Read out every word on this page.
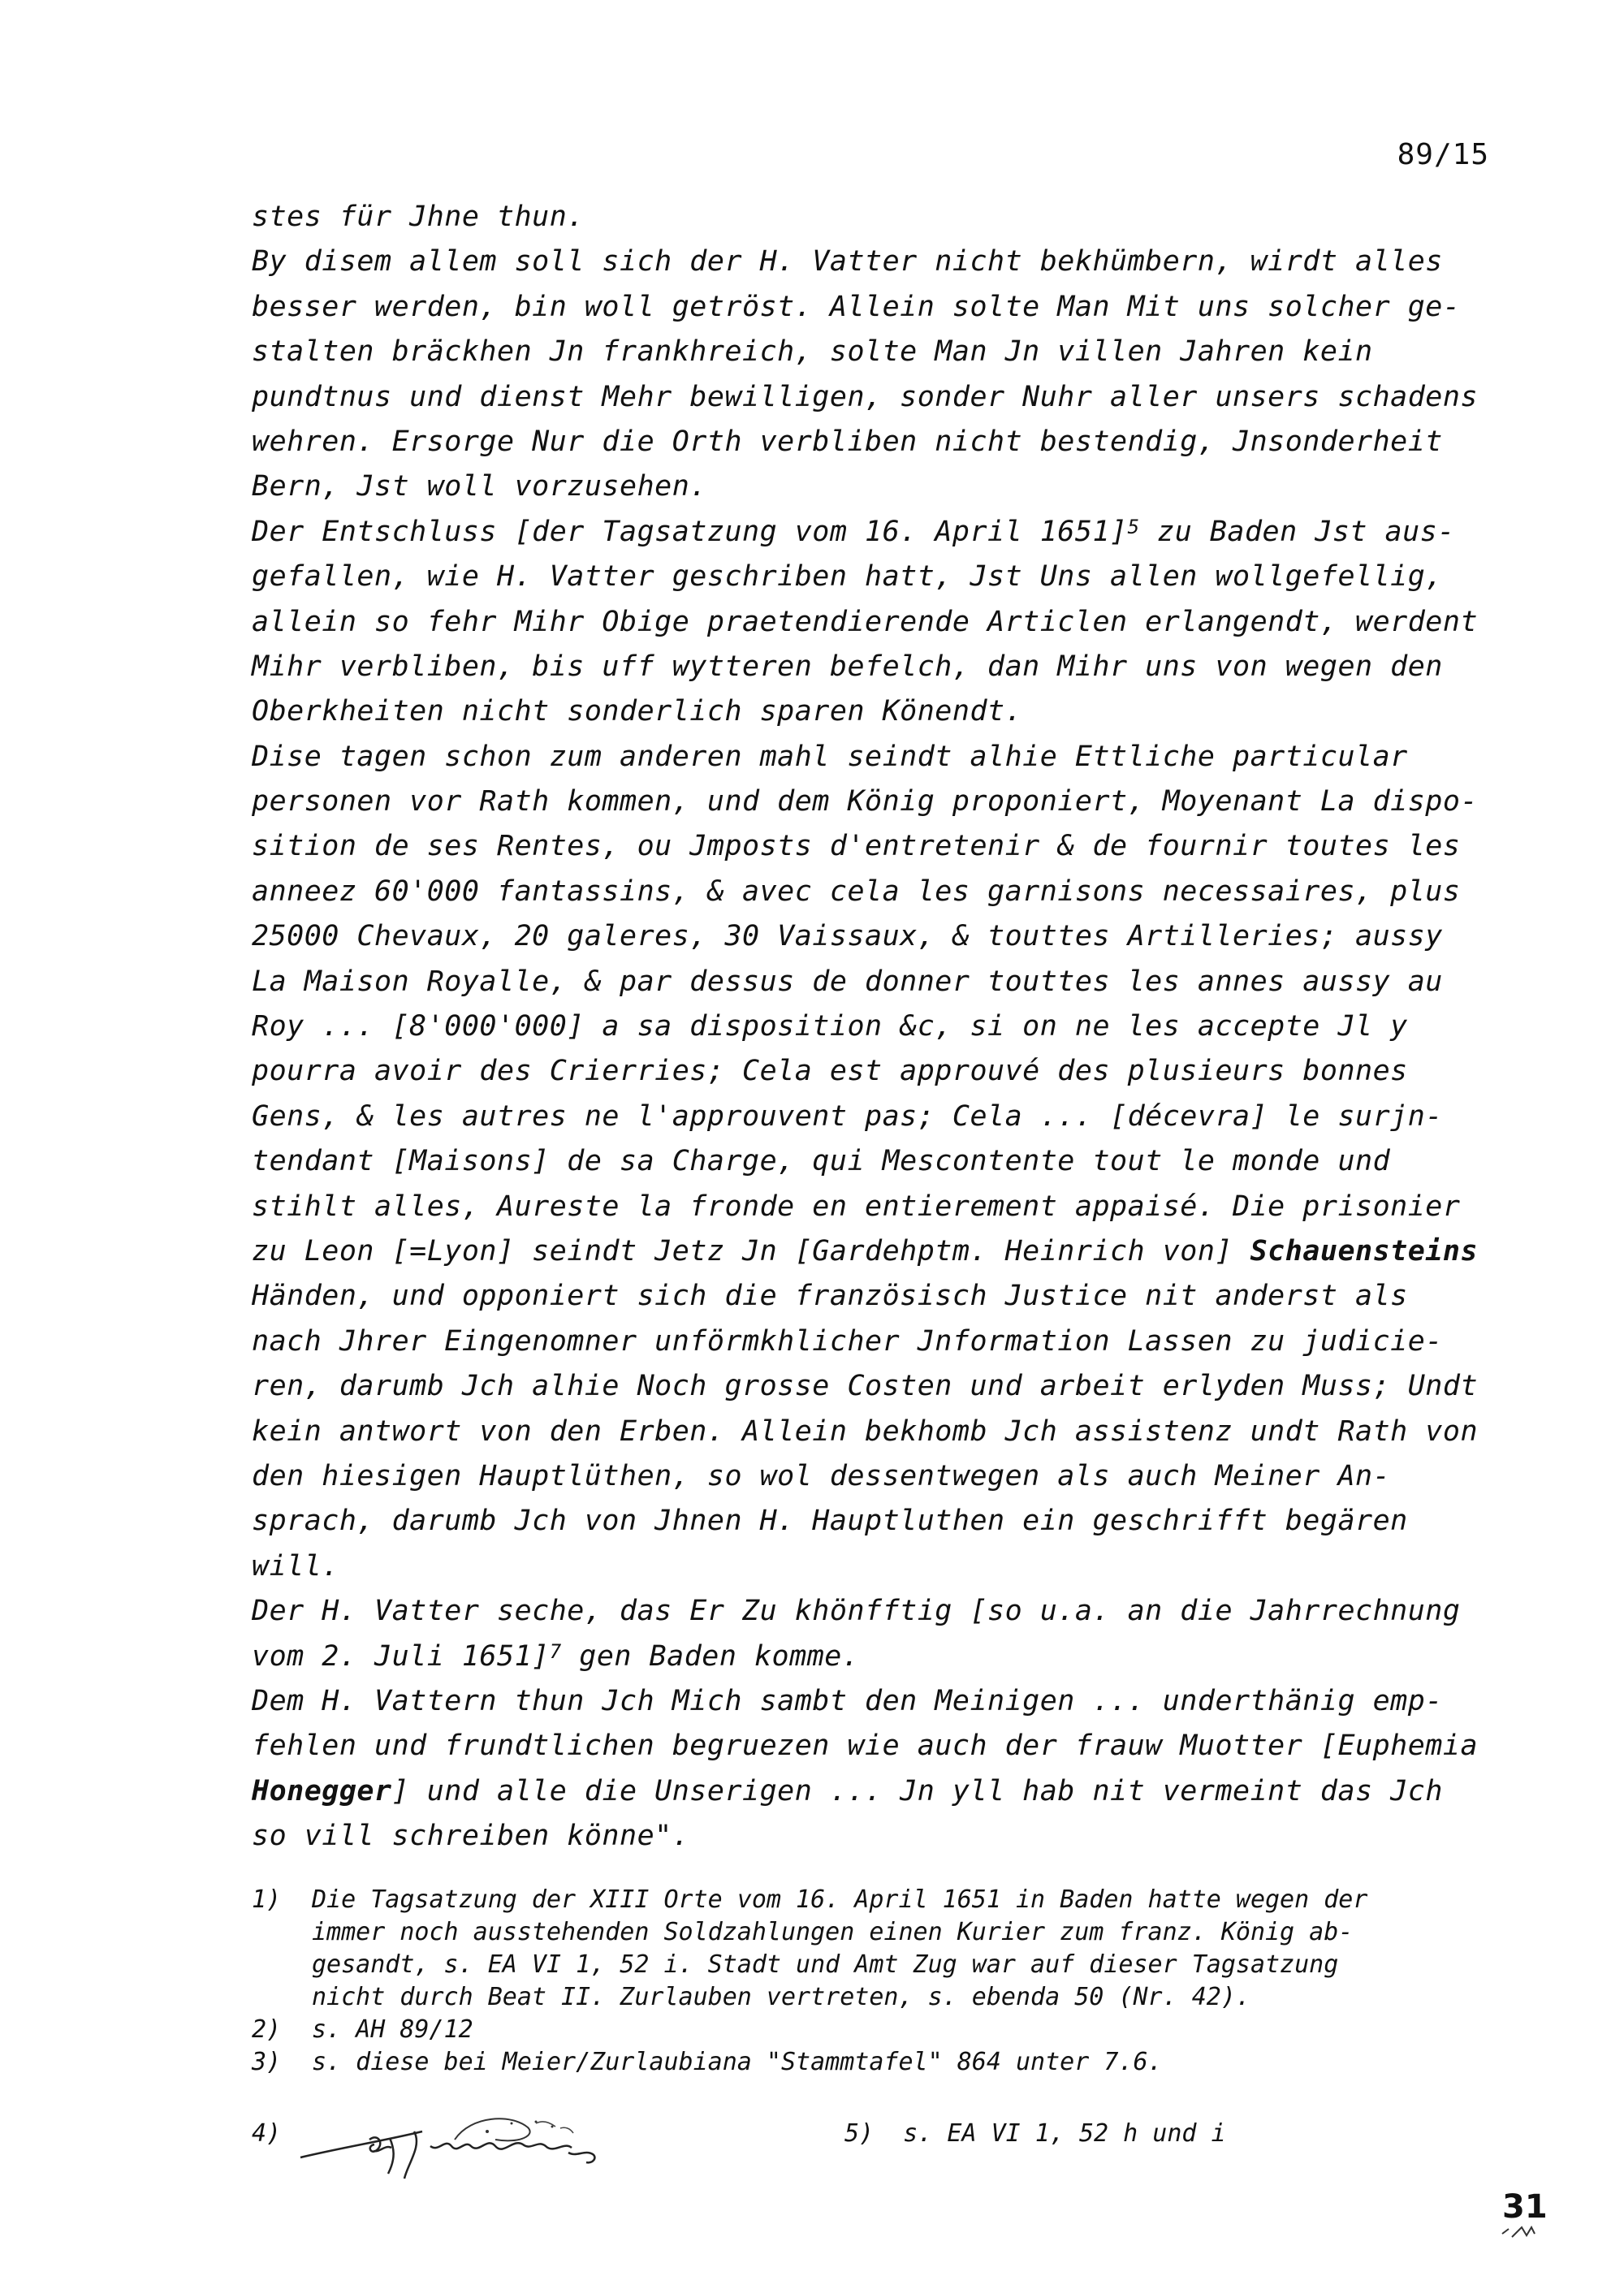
89/15
stes für Jhne thun.
By disem allem soll sich der H. Vatter nicht bekhümbern, wirdt alles
besser werden, bin woll getröst. Allein solte Man Mit uns solcher ge-
stalten bräckhen Jn frankhreich, solte Man Jn villen Jahren kein
pundtnus und dienst Mehr bewilligen, sonder Nuhr aller unsers schadens
wehren. Ersorge Nur die Orth verbliben nicht bestendig, Jnsonderheit
Bern, Jst woll vorzusehen.
Der Entschluss [der Tagsatzung vom 16. April 1651]$^5$ zu Baden Jst aus-
gefallen, wie H. Vatter geschriben hatt, Jst Uns allen wollgefellig,
allein so fehr Mihr Obige praetendierende Articlen erlangendt, werdent
Mihr verbliben, bis uff wytteren befelch, dan Mihr uns von wegen den
Oberkheiten nicht sonderlich sparen Könendt.
Dise tagen schon zum anderen mahl seindt alhie Ettliche particular
personen vor Rath kommen, und dem König proponiert, Moyenant La dispo-
sition de ses Rentes, ou Jmposts d'entretenir & de fournir toutes les
anneez 60'000 fantassins, & avec cela les garnisons necessaires, plus
25000 Chevaux, 20 galeres, 30 Vaissaux, & touttes Artilleries; aussy
La Maison Royalle, & par dessus de donner touttes les annes aussy au
Roy ... [8'000'000] a sa disposition &c, si on ne les accepte Jl y
pourra avoir des Crierries; Cela est approuvé des plusieurs bonnes
Gens, & les autres ne l'approuvent pas; Cela ... [décevra] le surjn-
tendant [Maisons] de sa Charge, qui Mescontente tout le monde und
stihlt alles, Aureste la fronde en entierement appaisé. Die prisonier
zu Leon [=Lyon] seindt Jetz Jn [Gardehptm. Heinrich von] Schauensteins
Händen, und opponiert sich die französisch Justice nit anderst als
nach Jhrer Eingenomner unförmkhlicher Jnformation Lassen zu judicie-
ren, darumb Jch alhie Noch grosse Costen und arbeit erlyden Muss; Undt
kein antwort von den Erben. Allein bekhomb Jch assistenz undt Rath von
den hiesigen Hauptlüthen, so wol dessentwegen als auch Meiner An-
sprach, darumb Jch von Jhnen H. Hauptluthen ein geschrifft begären
will.
Der H. Vatter seche, das Er Zu khönfftig [so u.a. an die Jahrrechnung
vom 2. Juli 1651]$^7$ gen Baden komme.
Dem H. Vattern thun Jch Mich sambt den Meinigen ... underthänig emp-
fehlen und frundtlichen begruezen wie auch der frauw Muotter [Euphemia
Honegger] und alle die Unserigen ... Jn yll hab nit vermeint das Jch
so vill schreiben könne".
1)	Die Tagsatzung der XIII Orte vom 16. April 1651 in Baden hatte wegen der
immer noch ausstehenden Soldzahlungen einen Kurier zum franz. König ab-
gesandt, s. EA VI 1, 52 i. Stadt und Amt Zug war auf dieser Tagsatzung
nicht durch Beat II. Zurlauben vertreten, s. ebenda 50 (Nr. 42).
2)	s. AH 89/12
3)	s. diese bei Meier/Zurlaubiana "Stammtafel" 864 unter 7.6.
4)	5)  s. EA VI 1, 52 h und i
31
